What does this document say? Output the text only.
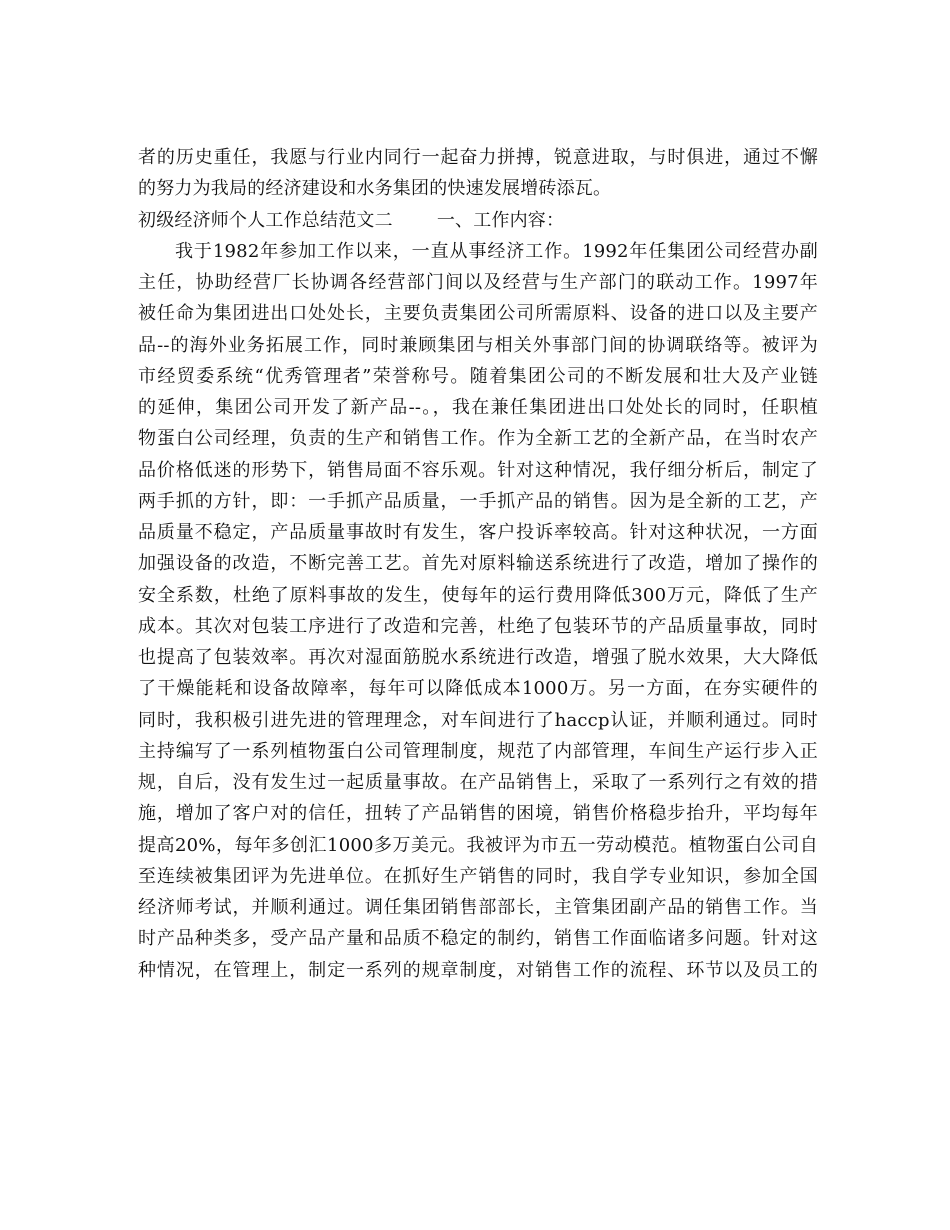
者的历史重任，我愿与行业内同行一起奋力拼搏，锐意进取，与时俱进，通过不懈
的努力为我局的经济建设和水务集团的快速发展增砖添瓦。
初级经济师个人工作总结范文二 一、工作内容：
我于1982年参加工作以来，一直从事经济工作。1992年任集团公司经营办副
主任，协助经营厂长协调各经营部门间以及经营与生产部门的联动工作。1997年
被任命为集团进出口处处长，主要负责集团公司所需原料、设备的进口以及主要产
品--的海外业务拓展工作，同时兼顾集团与相关外事部门间的协调联络等。被评为
市经贸委系统“优秀管理者”荣誉称号。随着集团公司的不断发展和壮大及产业链
的延伸，集团公司开发了新产品--。，我在兼任集团进出口处处长的同时，任职植
物蛋白公司经理，负责的生产和销售工作。作为全新工艺的全新产品，在当时农产
品价格低迷的形势下，销售局面不容乐观。针对这种情况，我仔细分析后，制定了
两手抓的方针，即：一手抓产品质量，一手抓产品的销售。因为是全新的工艺，产
品质量不稳定，产品质量事故时有发生，客户投诉率较高。针对这种状况，一方面
加强设备的改造，不断完善工艺。首先对原料输送系统进行了改造，增加了操作的
安全系数，杜绝了原料事故的发生，使每年的运行费用降低300万元，降低了生产
成本。其次对包装工序进行了改造和完善，杜绝了包装环节的产品质量事故，同时
也提高了包装效率。再次对湿面筋脱水系统进行改造，增强了脱水效果，大大降低
了干燥能耗和设备故障率，每年可以降低成本1000万。另一方面，在夯实硬件的
同时，我积极引进先进的管理理念，对车间进行了haccp认证，并顺利通过。同时
主持编写了一系列植物蛋白公司管理制度，规范了内部管理，车间生产运行步入正
规，自后，没有发生过一起质量事故。在产品销售上，采取了一系列行之有效的措
施，增加了客户对的信任，扭转了产品销售的困境，销售价格稳步抬升，平均每年
提高20%，每年多创汇1000多万美元。我被评为市五一劳动模范。植物蛋白公司自
至连续被集团评为先进单位。在抓好生产销售的同时，我自学专业知识，参加全国
经济师考试，并顺利通过。调任集团销售部部长，主管集团副产品的销售工作。当
时产品种类多，受产品产量和品质不稳定的制约，销售工作面临诸多问题。针对这
种情况，在管理上，制定一系列的规章制度，对销售工作的流程、环节以及员工的
